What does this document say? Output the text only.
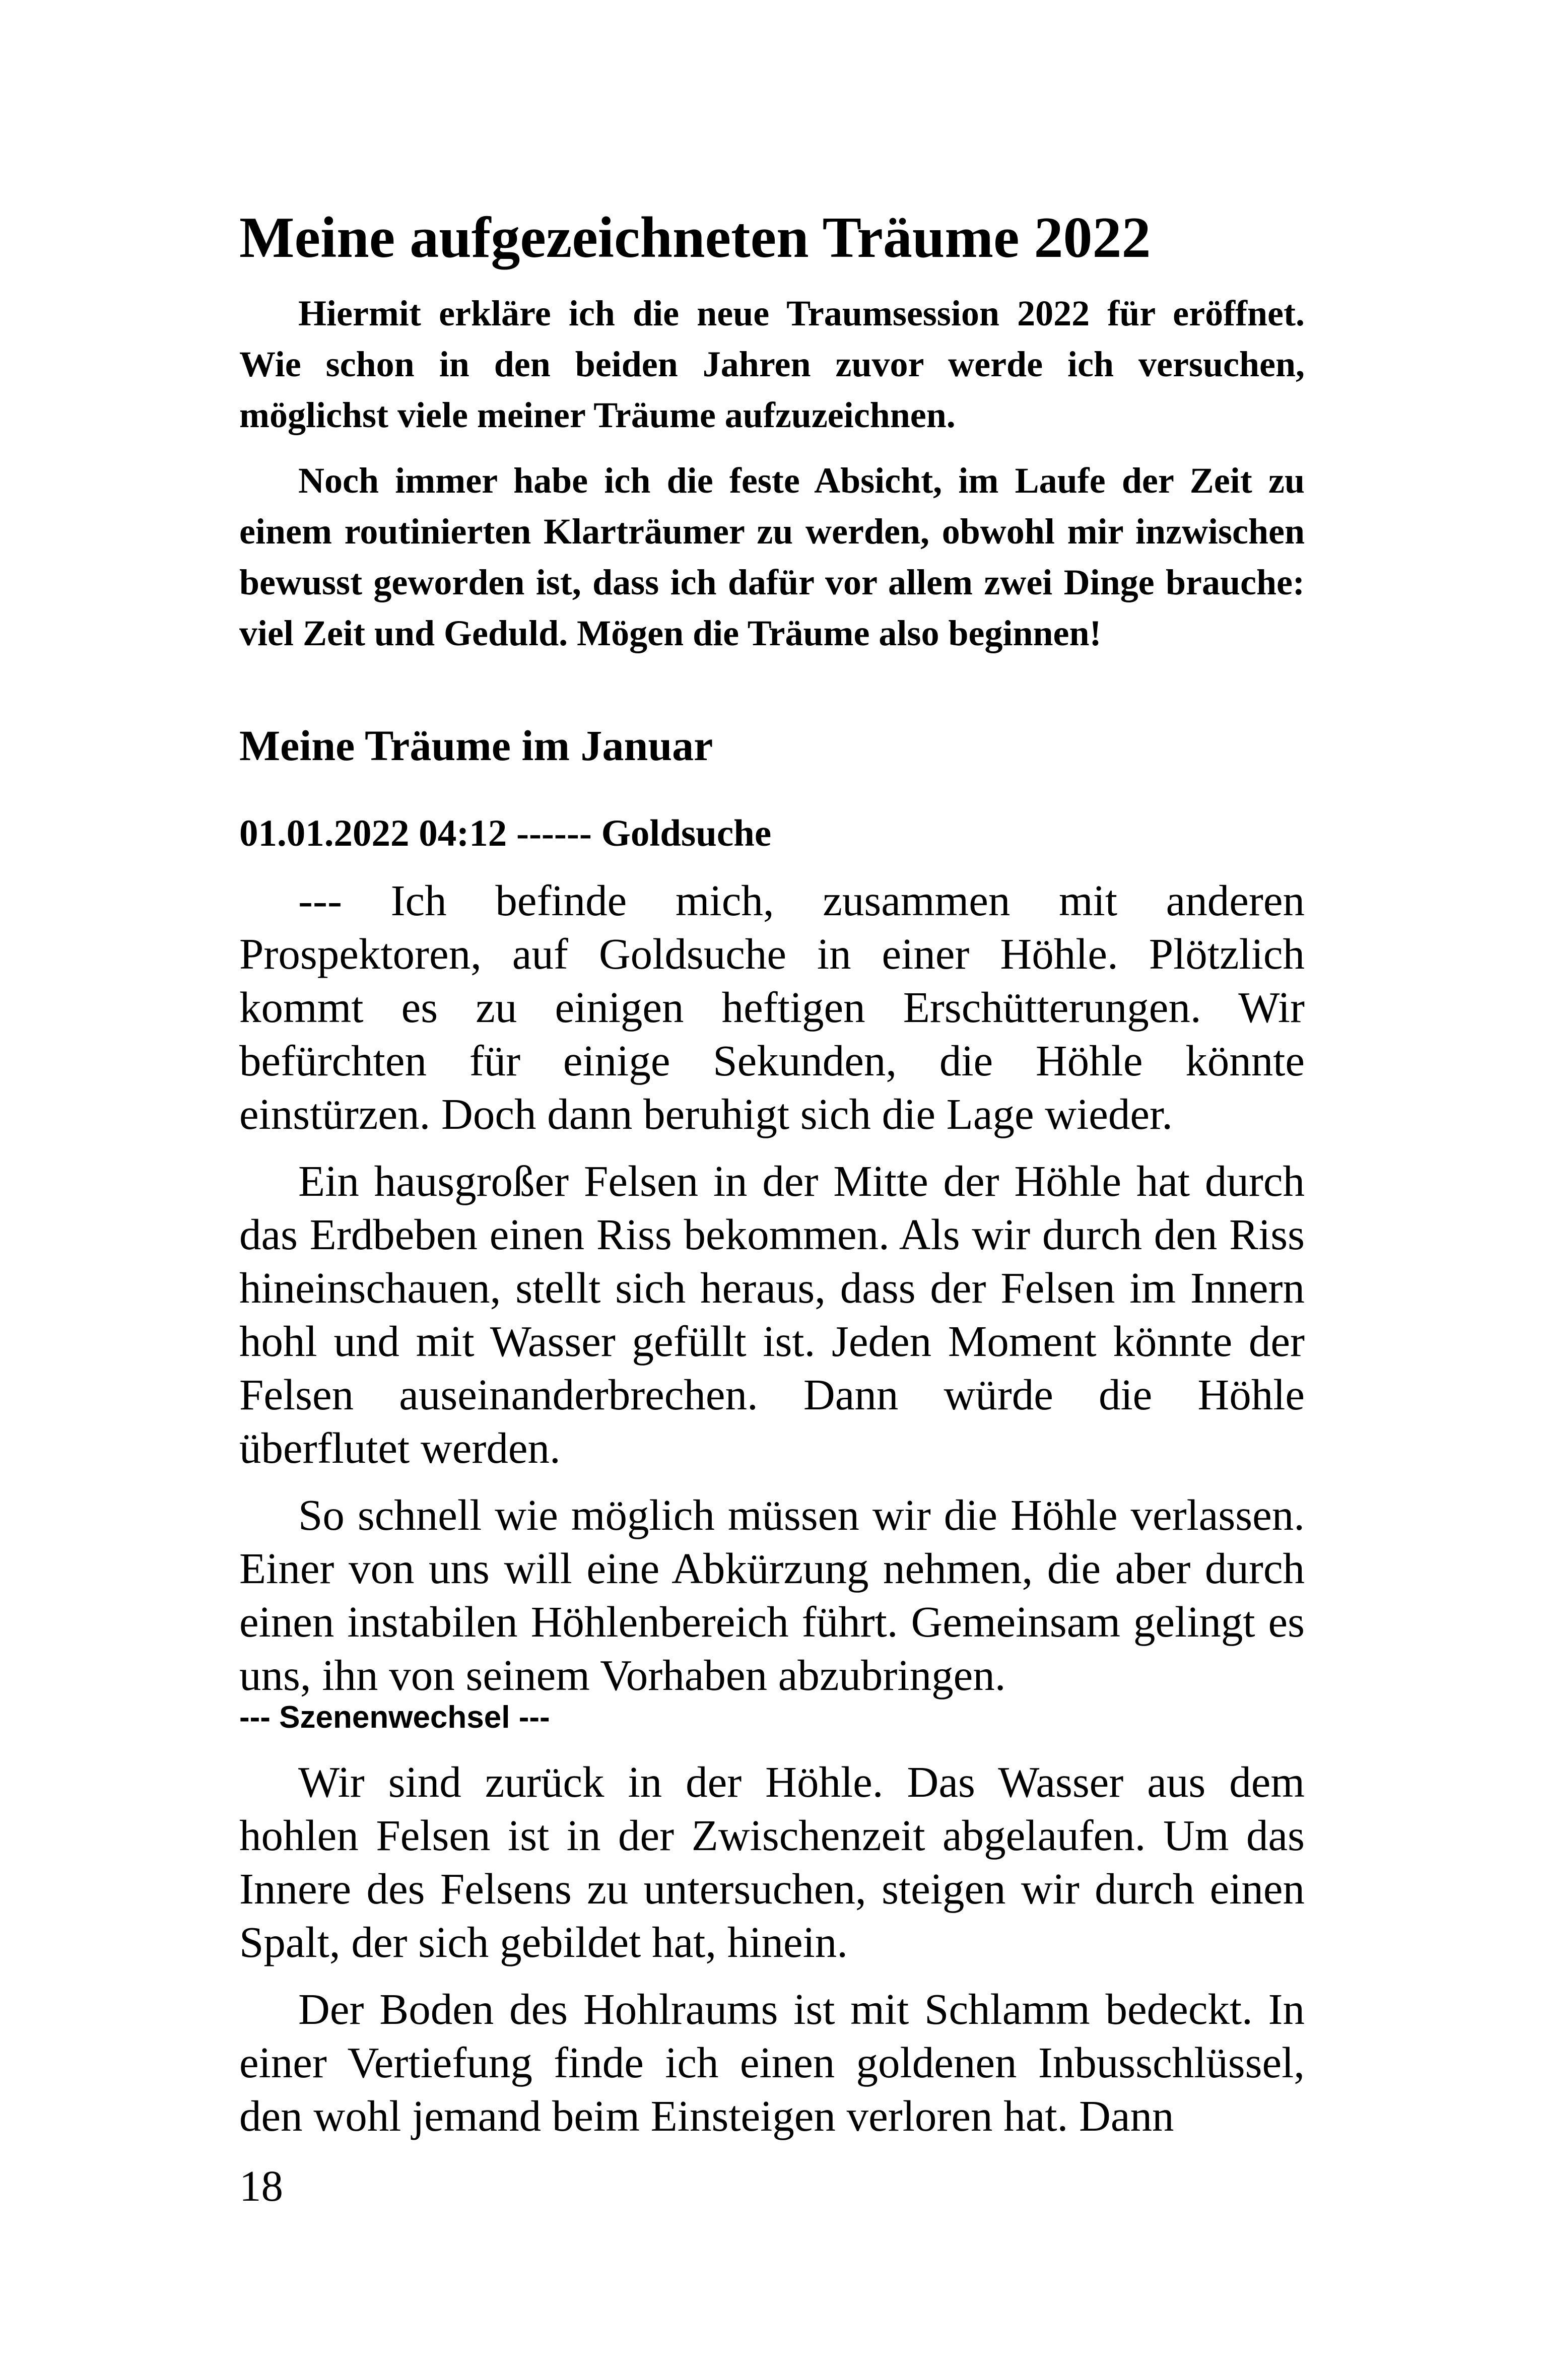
Meine aufgezeichneten Träume 2022

Hiermit erkläre ich die neue Traumsession 2022 für eröffnet. Wie schon in den beiden Jahren zuvor werde ich versuchen, möglichst viele meiner Träume aufzuzeichnen.

Noch immer habe ich die feste Absicht, im Laufe der Zeit zu einem routinierten Klarträumer zu werden, obwohl mir inzwischen bewusst geworden ist, dass ich dafür vor allem zwei Dinge brauche: viel Zeit und Geduld. Mögen die Träume also beginnen!

Meine Träume im Januar
01.01.2022 04:12 ------ Goldsuche

--- Ich befinde mich, zusammen mit anderen Prospektoren, auf Goldsuche in einer Höhle. Plötzlich kommt es zu einigen heftigen Erschütterungen. Wir befürchten für einige Sekunden, die Höhle könnte einstürzen. Doch dann beruhigt sich die Lage wieder.

Ein hausgroßer Felsen in der Mitte der Höhle hat durch das Erdbeben einen Riss bekommen. Als wir durch den Riss hineinschauen, stellt sich heraus, dass der Felsen im Innern hohl und mit Wasser gefüllt ist. Jeden Moment könnte der Felsen auseinanderbrechen. Dann würde die Höhle überflutet werden.

So schnell wie möglich müssen wir die Höhle verlassen. Einer von uns will eine Abkürzung nehmen, die aber durch einen instabilen Höhlenbereich führt. Gemeinsam gelingt es uns, ihn von seinem Vorhaben abzubringen.

--- Szenenwechsel ---

Wir sind zurück in der Höhle. Das Wasser aus dem hohlen Felsen ist in der Zwischenzeit abgelaufen. Um das Innere des Felsens zu untersuchen, steigen wir durch einen Spalt, der sich gebildet hat, hinein.

Der Boden des Hohlraums ist mit Schlamm bedeckt. In einer Vertiefung finde ich einen goldenen Inbusschlüssel, den wohl jemand beim Einsteigen verloren hat. Dann

18
